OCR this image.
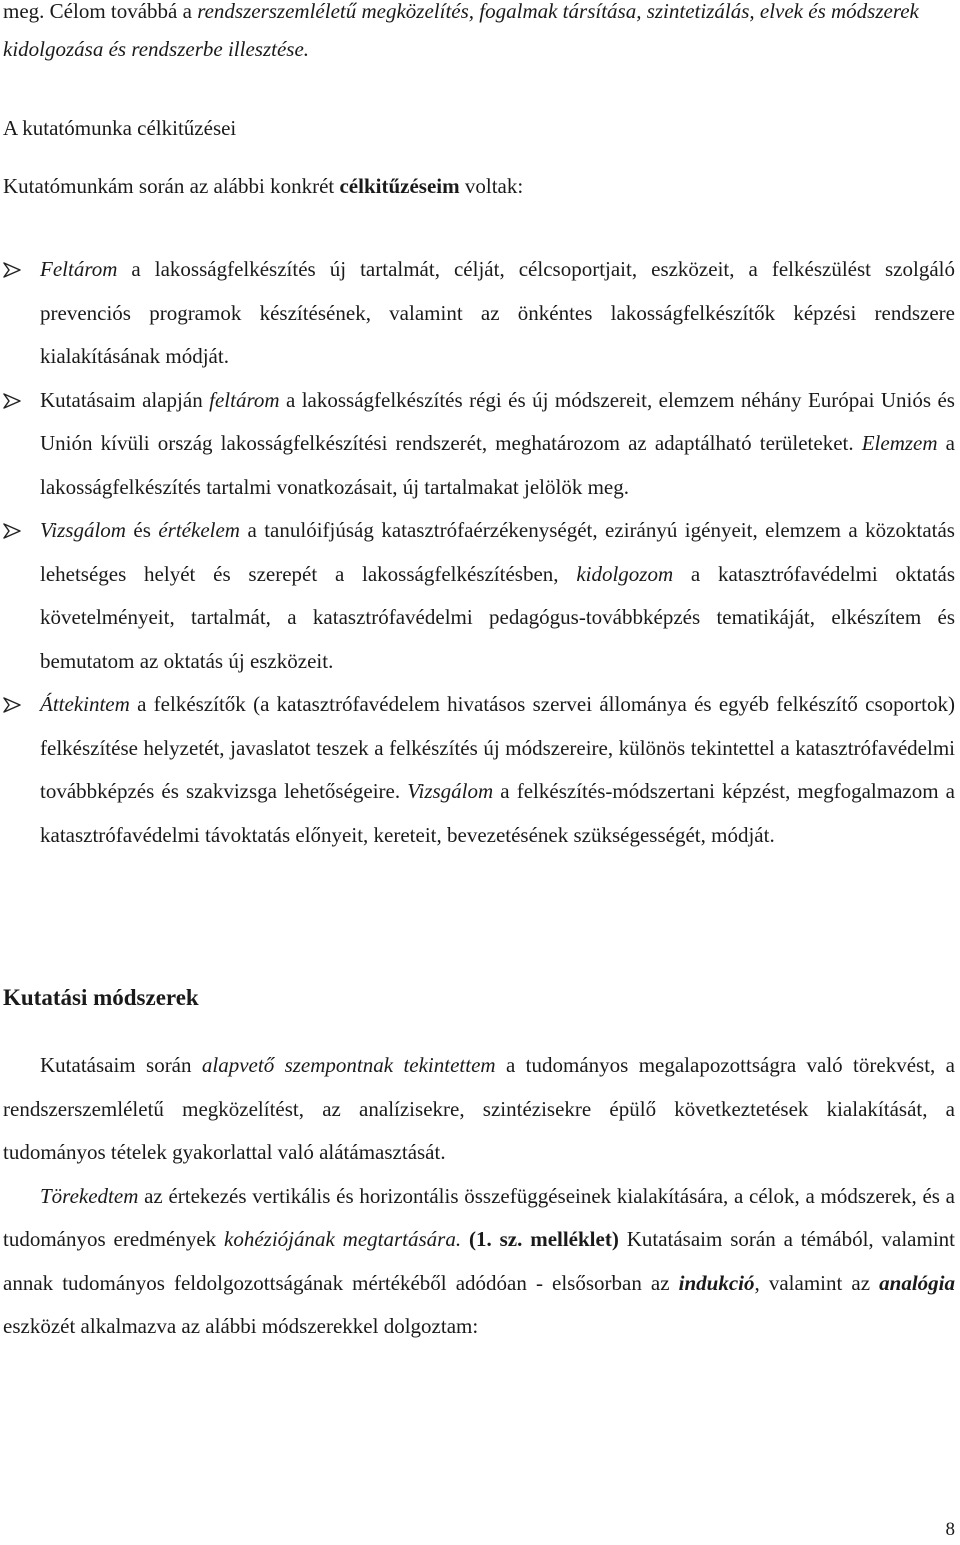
meg. Célom továbbá a rendszerszemléletű megközelítés, fogalmak társítása, szintetizálás, elvek és módszerek kidolgozása és rendszerbe illesztése.
A kutatómunka célkitűzései
Kutatómunkám során az alábbi konkrét célkitűzéseim voltak:
Feltárom a lakosságfelkészítés új tartalmát, célját, célcsoportjait, eszközeit, a felkészülést szolgáló prevenciós programok készítésének, valamint az önkéntes lakosságfelkészítők képzési rendszere kialakításának módját.
Kutatásaim alapján feltárom a lakosságfelkészítés régi és új módszereit, elemzem néhány Európai Uniós és Unión kívüli ország lakosságfelkészítési rendszerét, meghatározom az adaptálható területeket. Elemzem a lakosságfelkészítés tartalmi vonatkozásait, új tartalmakat jelölök meg.
Vizsgálom és értékelem a tanulóifjúság katasztrófaérzékenységét, ezirányú igényeit, elemzem a közoktatás lehetséges helyét és szerepét a lakosságfelkészítésben, kidolgozom a katasztrófavédelmi oktatás követelményeit, tartalmát, a katasztrófavédelmi pedagógus-továbbképzés tematikáját, elkészítem és bemutatom az oktatás új eszközeit.
Áttekintem a felkészítők (a katasztrófavédelem hivatásos szervei állománya és egyéb felkészítő csoportok) felkészítése helyzetét, javaslatot teszek a felkészítés új módszereire, különös tekintettel a katasztrófavédelmi továbbképzés és szakvizsga lehetőségeire. Vizsgálom a felkészítés-módszertani képzést, megfogalmazom a katasztrófavédelmi távoktatás előnyeit, kereteit, bevezetésének szükségességét, módját.
Kutatási módszerek

Kutatásaim során alapvető szempontnak tekintettem a tudományos megalapozottságra való törekvést, a rendszerszemléletű megközelítést, az analízisekre, szintézisekre épülő következtetések kialakítását, a tudományos tételek gyakorlattal való alátámasztását.

Törekedtem az értekezés vertikális és horizontális összefüggéseinek kialakítására, a célok, a módszerek, és a tudományos eredmények kohéziójának megtartására. (1. sz. melléklet) Kutatásaim során a témából, valamint annak tudományos feldolgozottságának mértékéből adódóan - elsősorban az indukció, valamint az analógia eszközét alkalmazva az alábbi módszerekkel dolgoztam:

8
